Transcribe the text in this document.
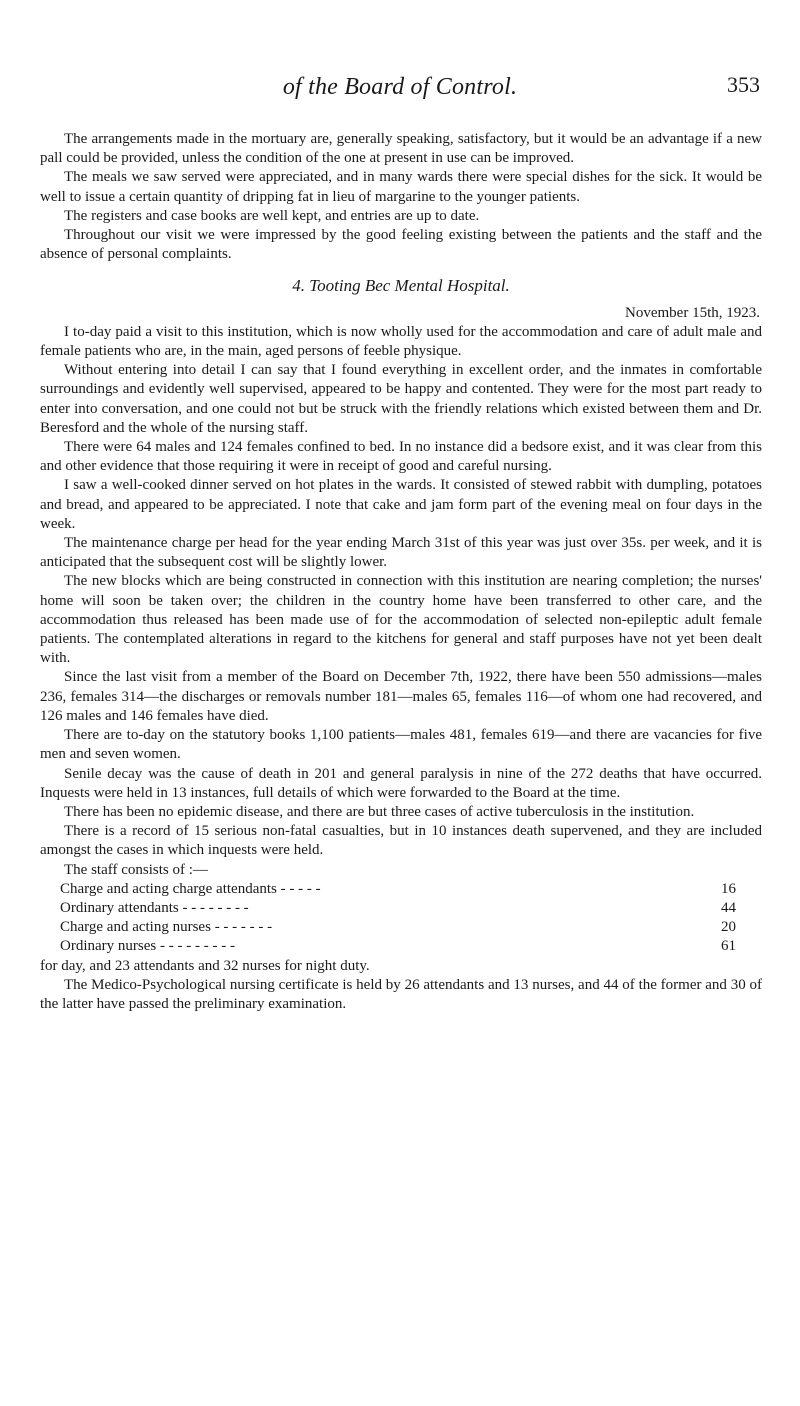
of the Board of Control.	353

The arrangements made in the mortuary are, generally speaking, satisfactory, but it would be an advantage if a new pall could be provided, unless the condition of the one at present in use can be improved.

The meals we saw served were appreciated, and in many wards there were special dishes for the sick. It would be well to issue a certain quantity of dripping fat in lieu of margarine to the younger patients.

The registers and case books are well kept, and entries are up to date.

Throughout our visit we were impressed by the good feeling existing between the patients and the staff and the absence of personal complaints.

4. Tooting Bec Mental Hospital.

November 15th, 1923.

I to-day paid a visit to this institution, which is now wholly used for the accommodation and care of adult male and female patients who are, in the main, aged persons of feeble physique.

Without entering into detail I can say that I found everything in excellent order, and the inmates in comfortable surroundings and evidently well supervised, appeared to be happy and contented. They were for the most part ready to enter into conversation, and one could not but be struck with the friendly relations which existed between them and Dr. Beresford and the whole of the nursing staff.

There were 64 males and 124 females confined to bed. In no instance did a bedsore exist, and it was clear from this and other evidence that those requiring it were in receipt of good and careful nursing.

I saw a well-cooked dinner served on hot plates in the wards. It consisted of stewed rabbit with dumpling, potatoes and bread, and appeared to be appreciated. I note that cake and jam form part of the evening meal on four days in the week.

The maintenance charge per head for the year ending March 31st of this year was just over 35s. per week, and it is anticipated that the subsequent cost will be slightly lower.

The new blocks which are being constructed in connection with this institution are nearing completion; the nurses' home will soon be taken over; the children in the country home have been transferred to other care, and the accommodation thus released has been made use of for the accommodation of selected non-epileptic adult female patients. The contemplated alterations in regard to the kitchens for general and staff purposes have not yet been dealt with.

Since the last visit from a member of the Board on December 7th, 1922, there have been 550 admissions—males 236, females 314—the discharges or removals number 181—males 65, females 116—of whom one had recovered, and 126 males and 146 females have died.

There are to-day on the statutory books 1,100 patients—males 481, females 619—and there are vacancies for five men and seven women.

Senile decay was the cause of death in 201 and general paralysis in nine of the 272 deaths that have occurred. Inquests were held in 13 instances, full details of which were forwarded to the Board at the time.

There has been no epidemic disease, and there are but three cases of active tuberculosis in the institution.

There is a record of 15 serious non-fatal casualties, but in 10 instances death supervened, and they are included amongst the cases in which inquests were held.

The staff consists of :—

Charge and acting charge attendants - - - - -	16
Ordinary attendants - - - - - - - -	44
Charge and acting nurses - - - - - - -	20
Ordinary nurses - - - - - - - - -	61

for day, and 23 attendants and 32 nurses for night duty.

The Medico-Psychological nursing certificate is held by 26 attendants and 13 nurses, and 44 of the former and 30 of the latter have passed the preliminary examination.
